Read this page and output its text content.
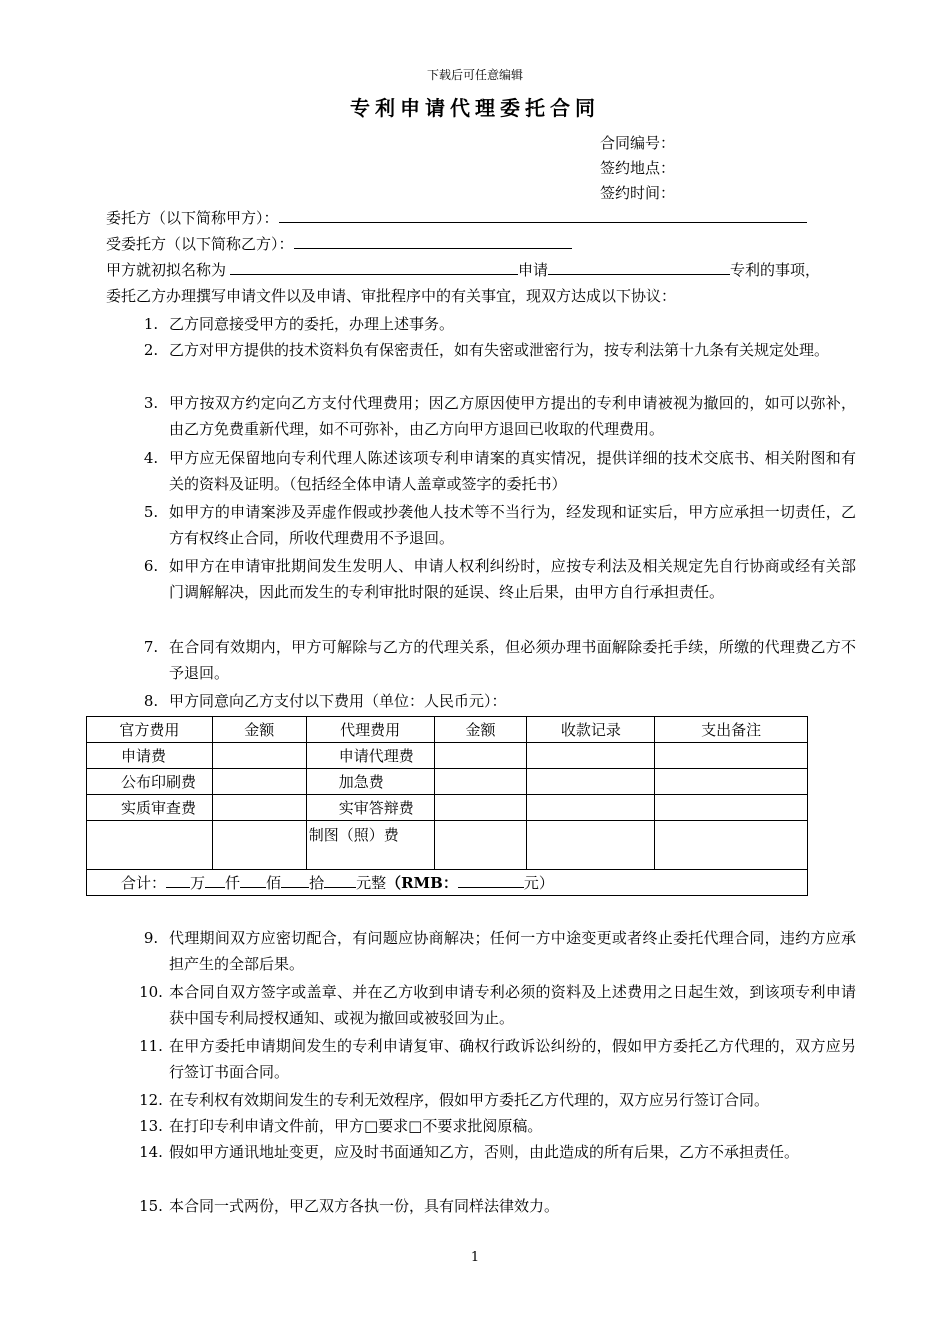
下载后可任意编辑
专利申请代理委托合同
合同编号：
签约地点：
签约时间：
委托方（以下简称甲方）：
受委托方（以下简称乙方）：
甲方就初拟名称为	申请	专利的事项，
委托乙方办理撰写申请文件以及申请、审批程序中的有关事宜，现双方达成以下协议：
1. 乙方同意接受甲方的委托，办理上述事务。
2. 乙方对甲方提供的技术资料负有保密责任，如有失密或泄密行为，按专利法第十九条有关规定处理。
3. 甲方按双方约定向乙方支付代理费用；因乙方原因使甲方提出的专利申请被视为撤回的，如可以弥补，由乙方免费重新代理，如不可弥补，由乙方向甲方退回已收取的代理费用。
4. 甲方应无保留地向专利代理人陈述该项专利申请案的真实情况，提供详细的技术交底书、相关附图和有关的资料及证明。（包括经全体申请人盖章或签字的委托书）
5. 如甲方的申请案涉及弄虚作假或抄袭他人技术等不当行为，经发现和证实后，甲方应承担一切责任，乙方有权终止合同，所收代理费用不予退回。
6. 如甲方在申请审批期间发生发明人、申请人权利纠纷时，应按专利法及相关规定先自行协商或经有关部门调解解决，因此而发生的专利审批时限的延误、终止后果，由甲方自行承担责任。
7. 在合同有效期内，甲方可解除与乙方的代理关系，但必须办理书面解除委托手续，所缴的代理费乙方不予退回。
8. 甲方同意向乙方支付以下费用（单位：人民币元）：
官方费用	金额	代理费用	金额	收款记录	支出备注
申请费		申请代理费			
公布印刷费		加急费			
实质审查费		实审答辩费			
		制图（照）费			
合计： 万 仟 佰 拾 元整（RMB： 元）					
9. 代理期间双方应密切配合，有问题应协商解决；任何一方中途变更或者终止委托代理合同，违约方应承担产生的全部后果。
10. 本合同自双方签字或盖章、并在乙方收到申请专利必须的资料及上述费用之日起生效，到该项专利申请获中国专利局授权通知、或视为撤回或被驳回为止。
11. 在甲方委托申请期间发生的专利申请复审、确权行政诉讼纠纷的，假如甲方委托乙方代理的，双方应另行签订书面合同。
12. 在专利权有效期间发生的专利无效程序，假如甲方委托乙方代理的，双方应另行签订合同。
13. 在打印专利申请文件前，甲方□要求□不要求批阅原稿。
14. 假如甲方通讯地址变更，应及时书面通知乙方，否则，由此造成的所有后果，乙方不承担责任。
15. 本合同一式两份，甲乙双方各执一份，具有同样法律效力。
1
